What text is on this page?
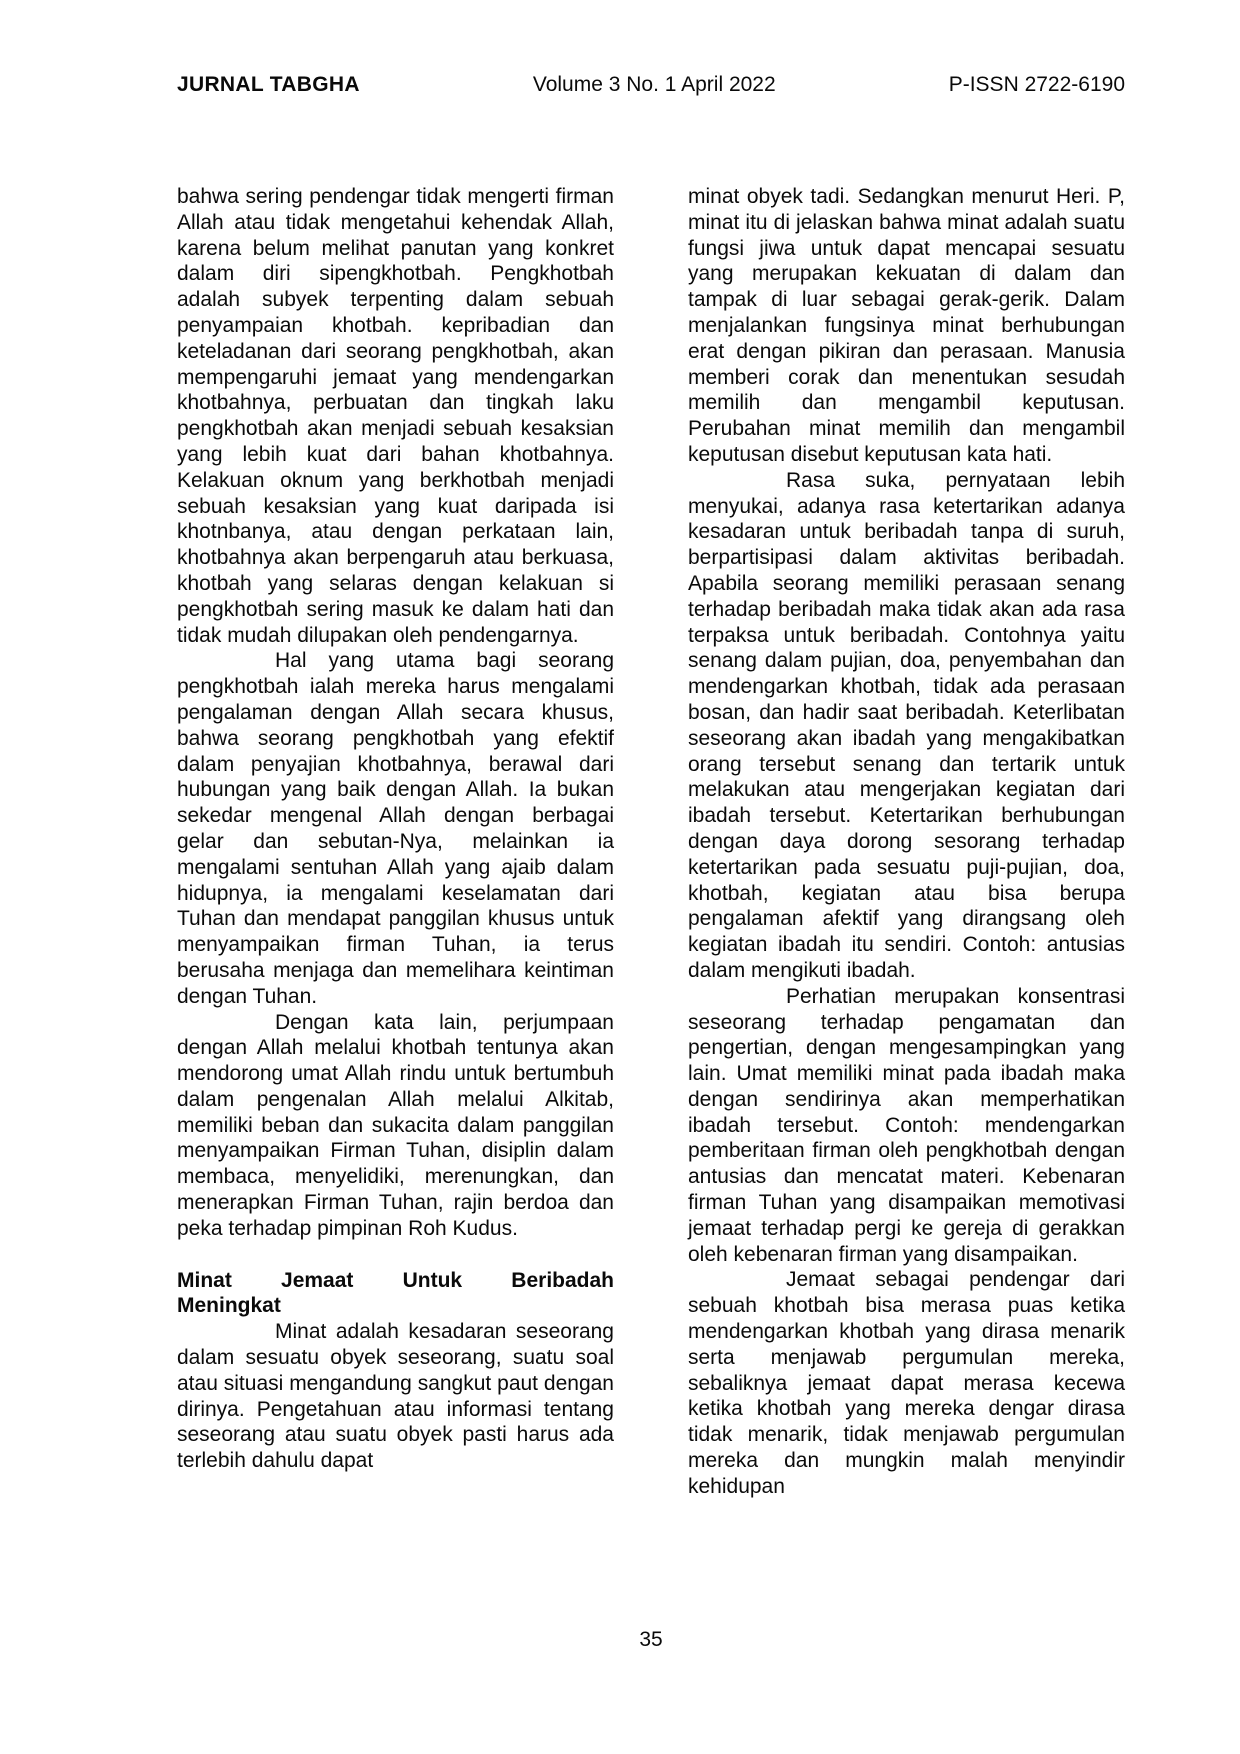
JURNAL TABGHA	Volume 3 No. 1 April 2022	P-ISSN 2722-6190

bahwa sering pendengar tidak mengerti firman Allah atau tidak mengetahui kehendak Allah, karena belum melihat panutan yang konkret dalam diri sipengkhotbah. Pengkhotbah adalah subyek terpenting dalam sebuah penyampaian khotbah. kepribadian dan keteladanan dari seorang pengkhotbah, akan mempengaruhi jemaat yang mendengarkan khotbahnya, perbuatan dan tingkah laku pengkhotbah akan menjadi sebuah kesaksian yang lebih kuat dari bahan khotbahnya. Kelakuan oknum yang berkhotbah menjadi sebuah kesaksian yang kuat daripada isi khotnbanya, atau dengan perkataan lain, khotbahnya akan berpengaruh atau berkuasa, khotbah yang selaras dengan kelakuan si pengkhotbah sering masuk ke dalam hati dan tidak mudah dilupakan oleh pendengarnya.

Hal yang utama bagi seorang pengkhotbah ialah mereka harus mengalami pengalaman dengan Allah secara khusus, bahwa seorang pengkhotbah yang efektif dalam penyajian khotbahnya, berawal dari hubungan yang baik dengan Allah. Ia bukan sekedar mengenal Allah dengan berbagai gelar dan sebutan-Nya, melainkan ia mengalami sentuhan Allah yang ajaib dalam hidupnya, ia mengalami keselamatan dari Tuhan dan mendapat panggilan khusus untuk menyampaikan firman Tuhan, ia terus berusaha menjaga dan memelihara keintiman dengan Tuhan.

Dengan kata lain, perjumpaan dengan Allah melalui khotbah tentunya akan mendorong umat Allah rindu untuk bertumbuh dalam pengenalan Allah melalui Alkitab, memiliki beban dan sukacita dalam panggilan menyampaikan Firman Tuhan, disiplin dalam membaca, menyelidiki, merenungkan, dan menerapkan Firman Tuhan, rajin berdoa dan peka terhadap pimpinan Roh Kudus.

Minat Jemaat Untuk Beribadah
Meningkat

Minat adalah kesadaran seseorang dalam sesuatu obyek seseorang, suatu soal atau situasi mengandung sangkut paut dengan dirinya. Pengetahuan atau informasi tentang seseorang atau suatu obyek pasti harus ada terlebih dahulu dapat

minat obyek tadi. Sedangkan menurut Heri. P, minat itu di jelaskan bahwa minat adalah suatu fungsi jiwa untuk dapat mencapai sesuatu yang merupakan kekuatan di dalam dan tampak di luar sebagai gerak-gerik. Dalam menjalankan fungsinya minat berhubungan erat dengan pikiran dan perasaan. Manusia memberi corak dan menentukan sesudah memilih dan mengambil keputusan. Perubahan minat memilih dan mengambil keputusan disebut keputusan kata hati.

Rasa suka, pernyataan lebih menyukai, adanya rasa ketertarikan adanya kesadaran untuk beribadah tanpa di suruh, berpartisipasi dalam aktivitas beribadah. Apabila seorang memiliki perasaan senang terhadap beribadah maka tidak akan ada rasa terpaksa untuk beribadah. Contohnya yaitu senang dalam pujian, doa, penyembahan dan mendengarkan khotbah, tidak ada perasaan bosan, dan hadir saat beribadah. Keterlibatan seseorang akan ibadah yang mengakibatkan orang tersebut senang dan tertarik untuk melakukan atau mengerjakan kegiatan dari ibadah tersebut. Ketertarikan berhubungan dengan daya dorong sesorang terhadap ketertarikan pada sesuatu puji-pujian, doa, khotbah, kegiatan atau bisa berupa pengalaman afektif yang dirangsang oleh kegiatan ibadah itu sendiri. Contoh: antusias dalam mengikuti ibadah.

Perhatian merupakan konsentrasi seseorang terhadap pengamatan dan pengertian, dengan mengesampingkan yang lain. Umat memiliki minat pada ibadah maka dengan sendirinya akan memperhatikan ibadah tersebut. Contoh: mendengarkan pemberitaan firman oleh pengkhotbah dengan antusias dan mencatat materi. Kebenaran firman Tuhan yang disampaikan memotivasi jemaat terhadap pergi ke gereja di gerakkan oleh kebenaran firman yang disampaikan.

Jemaat sebagai pendengar dari sebuah khotbah bisa merasa puas ketika mendengarkan khotbah yang dirasa menarik serta menjawab pergumulan mereka, sebaliknya jemaat dapat merasa kecewa ketika khotbah yang mereka dengar dirasa tidak menarik, tidak menjawab pergumulan mereka dan mungkin malah menyindir kehidupan

35
